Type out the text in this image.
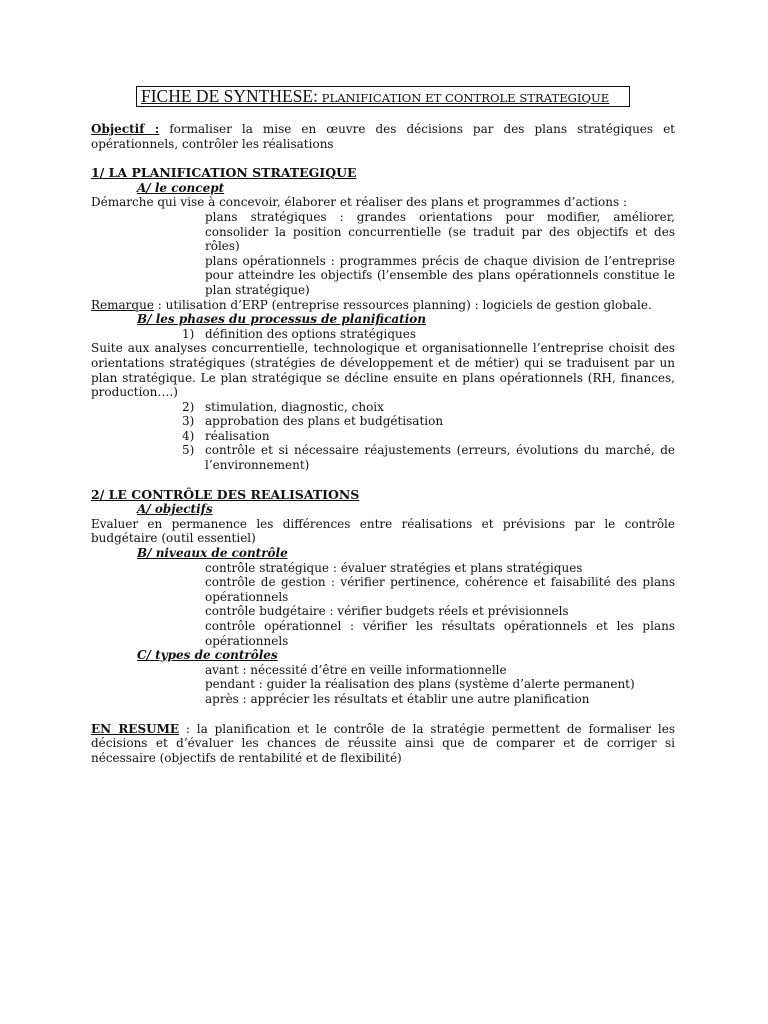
FICHE DE SYNTHESE: PLANIFICATION ET CONTROLE STRATEGIQUE

Objectif : formaliser la mise en œuvre des décisions par des plans stratégiques et opérationnels, contrôler les réalisations

1/ LA PLANIFICATION STRATEGIQUE

A/ le concept

Démarche qui vise à concevoir, élaborer et réaliser des plans et programmes d’actions :

plans stratégiques : grandes orientations pour modifier, améliorer, consolider la position concurrentielle (se traduit par des objectifs et des rôles)

plans opérationnels : programmes précis de chaque division de l’entreprise pour atteindre les objectifs (l’ensemble des plans opérationnels constitue le plan stratégique)

Remarque : utilisation d’ERP (entreprise ressources planning) : logiciels de gestion globale.

B/ les phases du processus de planification

1) définition des options stratégiques

Suite aux analyses concurrentielle, technologique et organisationnelle l’entreprise choisit des orientations stratégiques (stratégies de développement et de métier) qui se traduisent par un plan stratégique. Le plan stratégique se décline ensuite en plans opérationnels (RH, finances, production….)

2) stimulation, diagnostic, choix
3) approbation des plans et budgétisation
4) réalisation
5) contrôle et si nécessaire réajustements (erreurs, évolutions du marché, de l’environnement)
2/ LE CONTRÔLE DES REALISATIONS

A/ objectifs

Evaluer en permanence les différences entre réalisations et prévisions par le contrôle budgétaire (outil essentiel)

B/ niveaux de contrôle

contrôle stratégique : évaluer stratégies et plans stratégiques

contrôle de gestion : vérifier pertinence, cohérence et faisabilité des plans opérationnels

contrôle budgétaire : vérifier budgets réels et prévisionnels

contrôle opérationnel : vérifier les résultats opérationnels et les plans opérationnels

C/ types de contrôles

avant : nécessité d’être en veille informationnelle

pendant : guider la réalisation des plans (système d’alerte permanent)

après : apprécier les résultats et établir une autre planification

EN RESUME : la planification et le contrôle de la stratégie permettent de formaliser les décisions et d’évaluer les chances de réussite ainsi que de comparer et de corriger si nécessaire (objectifs de rentabilité et de flexibilité)
